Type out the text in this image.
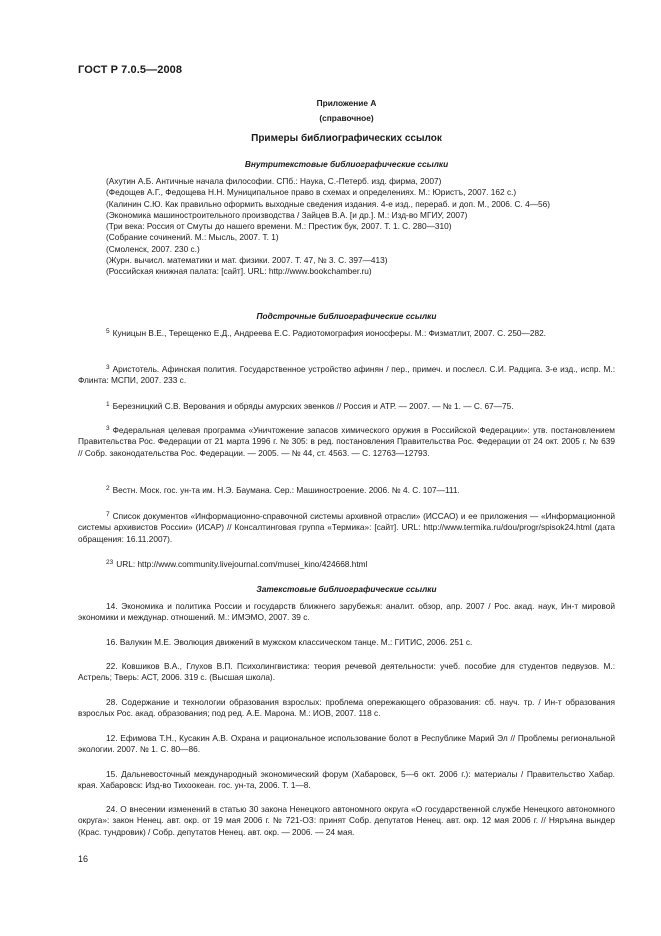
ГОСТ Р 7.0.5—2008
Приложение А
(справочное)
Примеры библиографических ссылок
Внутритекстовые библиографические ссылки

(Ахутин А.Б. Античные начала философии. СПб.: Наука, С.-Петерб. изд. фирма, 2007)

(Федощев А.Г., Федощева Н.Н. Муниципальное право в схемах и определениях. М.: Юристъ, 2007. 162 с.)

(Калинин С.Ю. Как правильно оформить выходные сведения издания. 4-е изд., перераб. и доп. М., 2006. С. 4—56)

(Экономика машиностроительного производства / Зайцев В.А. [и др.]. М.: Изд-во МГИУ, 2007)

(Три века: Россия от Смуты до нашего времени. М.: Престиж бук, 2007. Т. 1. С. 280—310)

(Собрание сочинений. М.: Мысль, 2007. Т. 1)

(Смоленск, 2007. 230 с.)

(Журн. вычисл. математики и мат. физики. 2007. Т. 47, № 3. С. 397—413)

(Российская книжная палата: [сайт]. URL: http://www.bookchamber.ru)

Подстрочные библиографические ссылки

$^5$ Куницын В.Е., Терещенко Е.Д., Андреева Е.С. Радиотомография ионосферы. М.: Физматлит, 2007. С. 250—282.

$^3$ Аристотель. Афинская полития. Государственное устройство афинян / пер., примеч. и послесл. С.И. Радцига. 3-е изд., испр. М.: Флинта: МСПИ, 2007. 233 с.

$^1$ Березницкий С.В. Верования и обряды амурских эвенков // Россия и АТР. — 2007. — № 1. — С. 67—75.

$^3$ Федеральная целевая программа «Уничтожение запасов химического оружия в Российской Федерации»: утв. постановлением Правительства Рос. Федерации от 21 марта 1996 г. № 305: в ред. постановления Правительства Рос. Федерации от 24 окт. 2005 г. № 639 // Собр. законодательства Рос. Федерации. — 2005. — № 44, ст. 4563. — С. 12763—12793.

$^2$ Вестн. Моск. гос. ун-та им. Н.Э. Баумана. Сер.: Машиностроение. 2006. № 4. С. 107—111.

$^7$ Список документов «Информационно-справочной системы архивной отрасли» (ИССАО) и ее приложения — «Информационной системы архивистов России» (ИСАР) // Консалтинговая группа «Термика»: [сайт]. URL: http://www.termika.ru/dou/progr/spisok24.html (дата обращения: 16.11.2007).

$^{23}$ URL: http://www.community.livejournal.com/musei_kino/424668.html

Затекстовые библиографические ссылки

14. Экономика и политика России и государств ближнего зарубежья: аналит. обзор, апр. 2007 / Рос. акад. наук, Ин-т мировой экономики и междунар. отношений. М.: ИМЭМО, 2007. 39 с.

16. Валукин М.Е. Эволюция движений в мужском классическом танце. М.: ГИТИС, 2006. 251 с.

22. Ковшиков В.А., Глухов В.П. Психолингвистика: теория речевой деятельности: учеб. пособие для студентов педвузов. М.: Астрель; Тверь: АСТ, 2006. 319 с. (Высшая школа).

28. Содержание и технологии образования взрослых: проблема опережающего образования: сб. науч. тр. / Ин-т образования взрослых Рос. акад. образования; под ред. А.Е. Марона. М.: ИОВ, 2007. 118 с.

12. Ефимова Т.Н., Кусакин А.В. Охрана и рациональное использование болот в Республике Марий Эл // Проблемы региональной экологии. 2007. № 1. С. 80—86.

15. Дальневосточный международный экономический форум (Хабаровск, 5—6 окт. 2006 г.): материалы / Правительство Хабар. края. Хабаровск: Изд-во Тихоокеан. гос. ун-та, 2006. Т. 1—8.

24. О внесении изменений в статью 30 закона Ненецкого автономного округа «О государственной службе Ненецкого автономного округа»: закон Ненец. авт. окр. от 19 мая 2006 г. № 721-ОЗ: принят Собр. депутатов Ненец. авт. окр. 12 мая 2006 г. // Няръяна вындер (Крас. тундровик) / Собр. депутатов Ненец. авт. окр. — 2006. — 24 мая.

16
